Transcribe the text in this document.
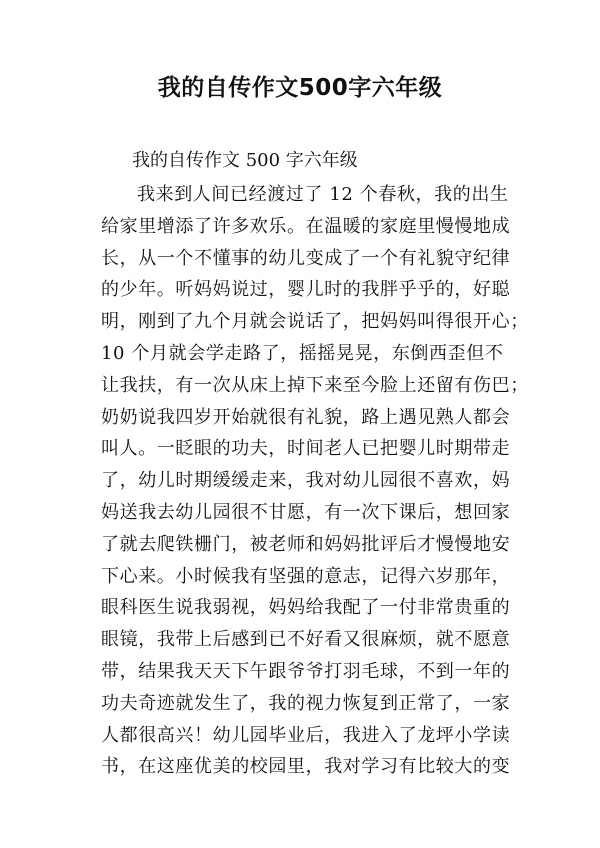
我的自传作文500字六年级
我的自传作文 500 字六年级
我来到人间已经渡过了 12 个春秋，我的出生
给家里增添了许多欢乐。在温暖的家庭里慢慢地成
长，从一个不懂事的幼儿变成了一个有礼貌守纪律
的少年。听妈妈说过，婴儿时的我胖乎乎的，好聪
明，刚到了九个月就会说话了，把妈妈叫得很开心；
10 个月就会学走路了，摇摇晃晃，东倒西歪但不
让我扶，有一次从床上掉下来至今脸上还留有伤巴；
奶奶说我四岁开始就很有礼貌，路上遇见熟人都会
叫人。一眨眼的功夫，时间老人已把婴儿时期带走
了，幼儿时期缓缓走来，我对幼儿园很不喜欢，妈
妈送我去幼儿园很不甘愿，有一次下课后，想回家
了就去爬铁栅门，被老师和妈妈批评后才慢慢地安
下心来。小时候我有坚强的意志，记得六岁那年，
眼科医生说我弱视，妈妈给我配了一付非常贵重的
眼镜，我带上后感到已不好看又很麻烦，就不愿意
带，结果我天天下午跟爷爷打羽毛球，不到一年的
功夫奇迹就发生了，我的视力恢复到正常了，一家
人都很高兴！幼儿园毕业后，我进入了龙坪小学读
书，在这座优美的校园里，我对学习有比较大的变
